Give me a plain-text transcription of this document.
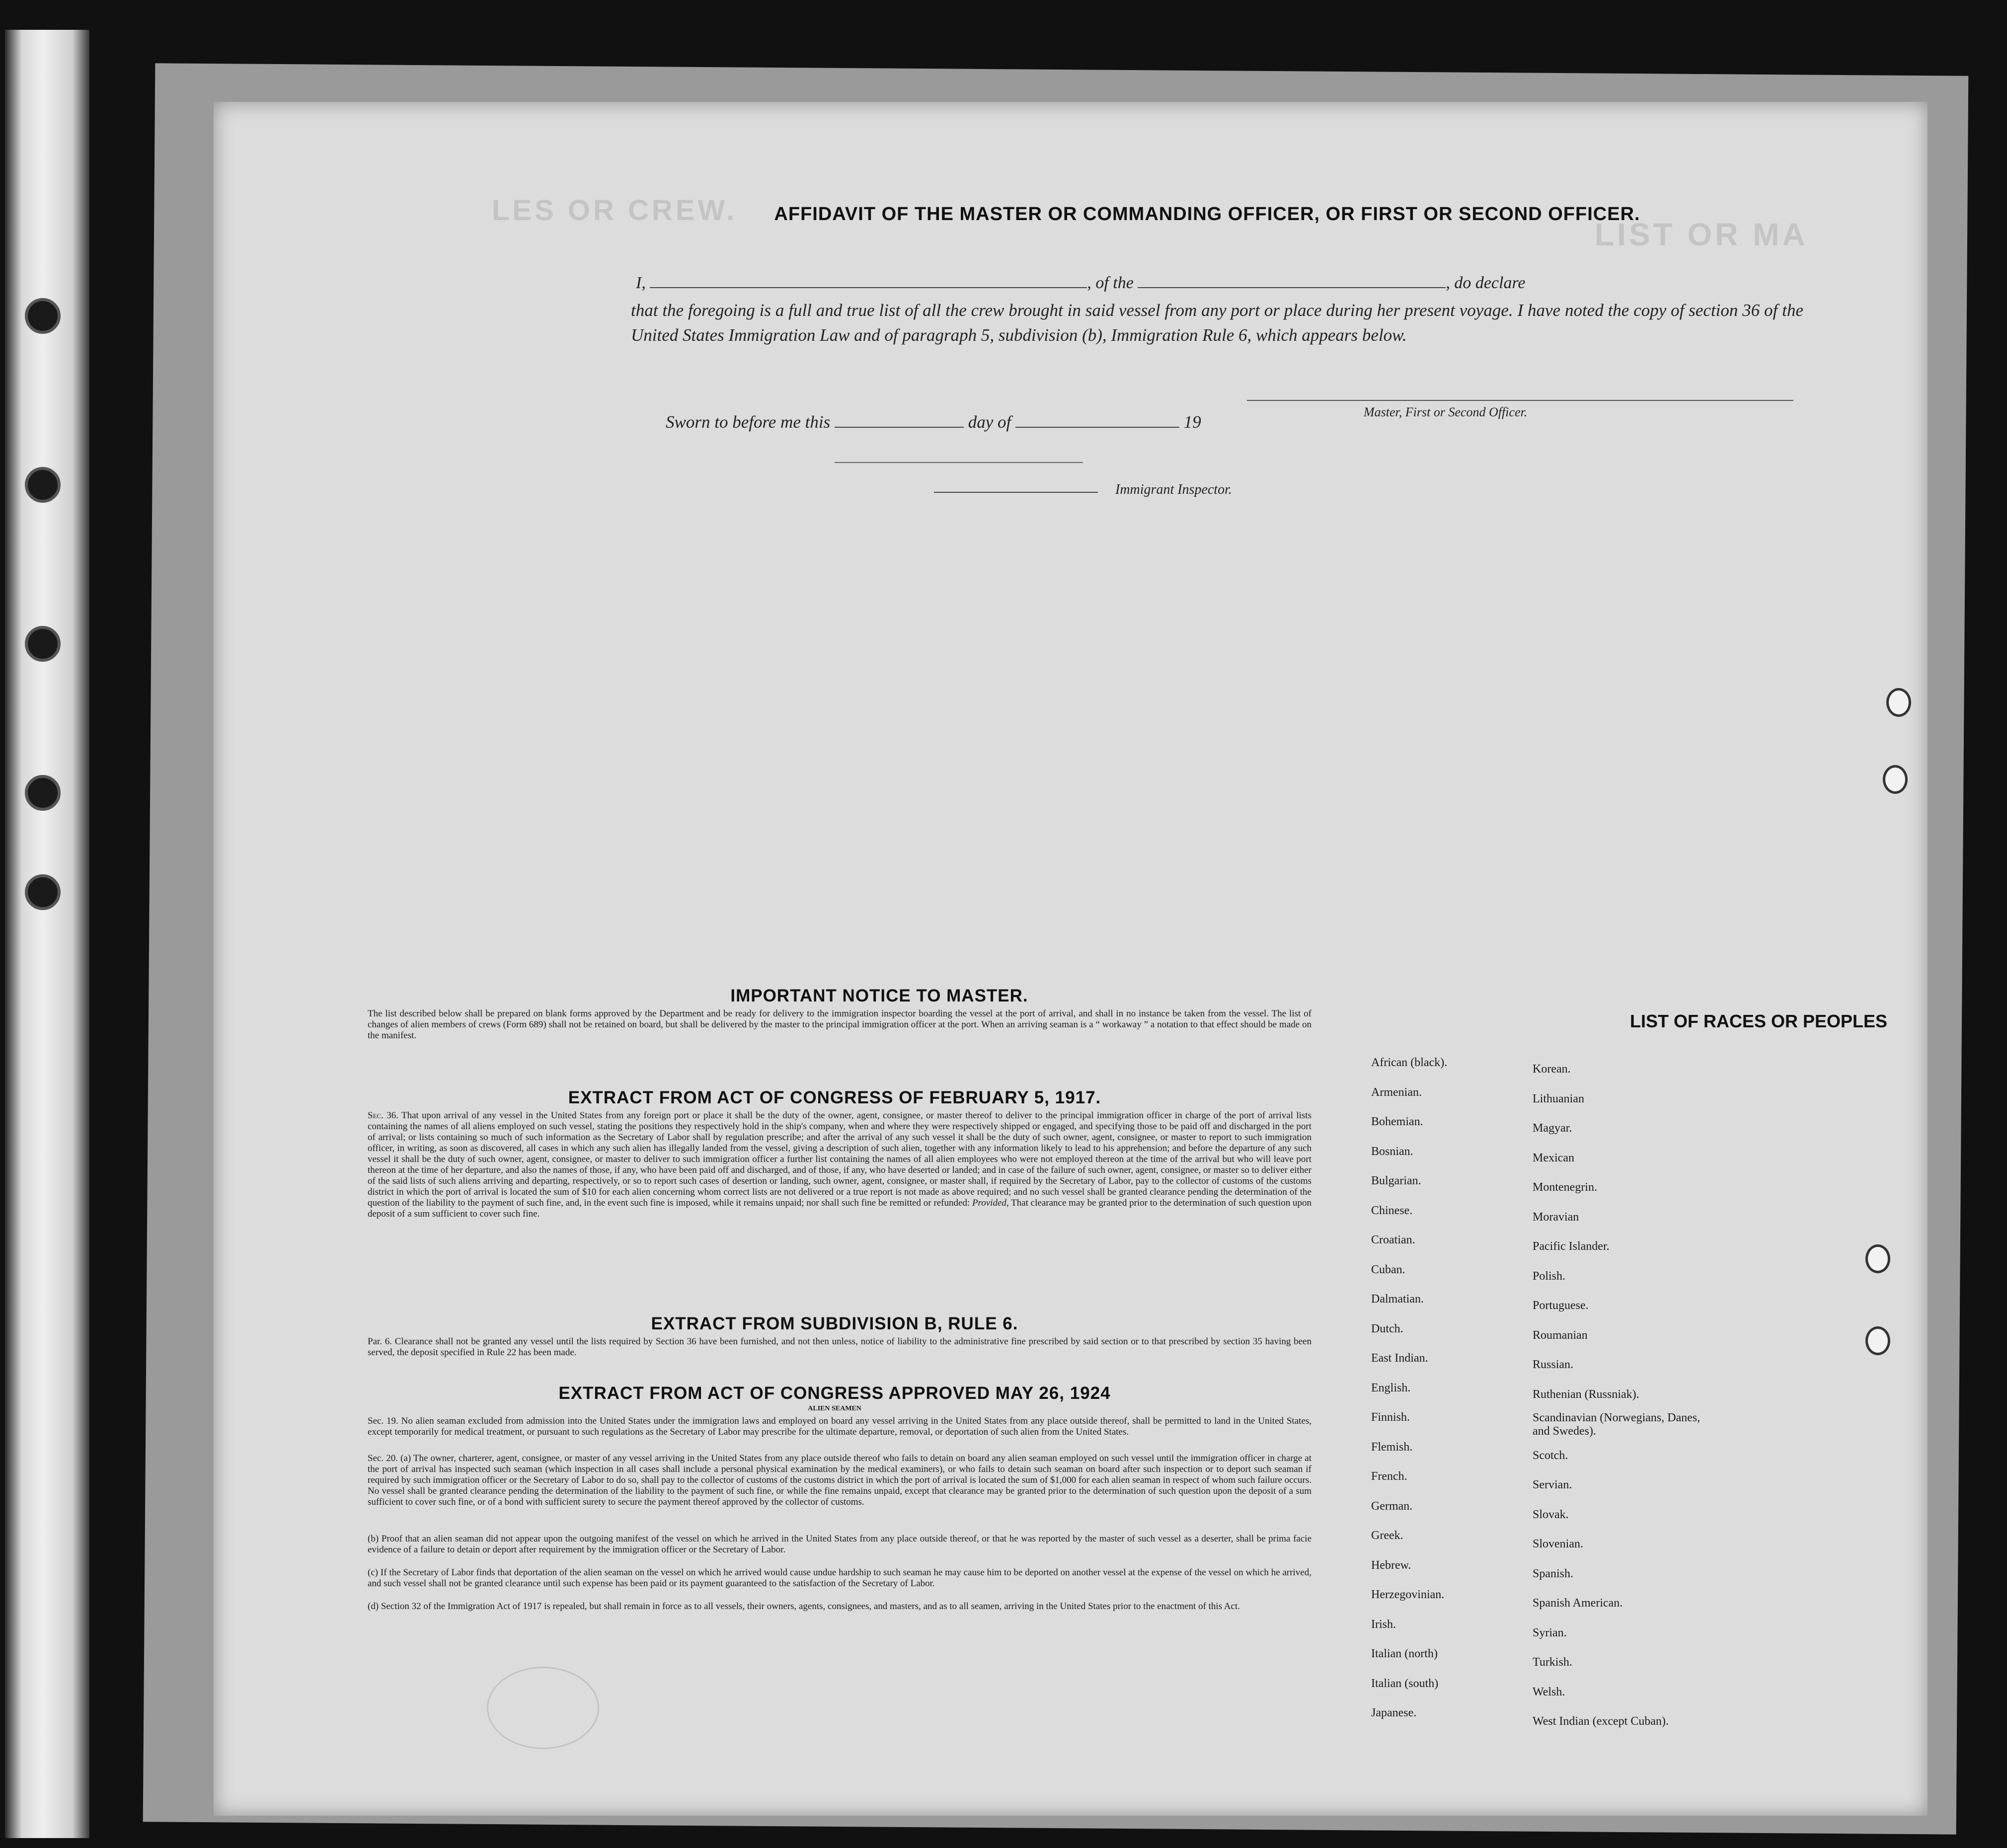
LIST OR MA
LES OR CREW.	AFFIDAVIT OF THE MASTER OR COMMANDING OFFICER, OR FIRST OR SECOND OFFICER.
I,	, of the	, do declare
that the foregoing is a full and true list of all the crew brought in said vessel from any port or place during her present voyage. I have noted the copy of section 36 of the United States Immigration Law and of paragraph 5, subdivision (b), Immigration Rule 6, which appears below.
Master, First or Second Officer.
Sworn to before me this	day of	19
Immigrant Inspector.
IMPORTANT NOTICE TO MASTER.
The list described below shall be prepared on blank forms approved by the Department and be ready for delivery to the immigration inspector boarding the vessel at the port of arrival, and shall in no instance be taken from the vessel. The list of changes of alien members of crews (Form 689) shall not be retained on board, but shall be delivered by the master to the principal immigration officer at the port. When an arriving seaman is a “ workaway ” a notation to that effect should be made on the manifest.
EXTRACT FROM ACT OF CONGRESS OF FEBRUARY 5, 1917.
Sec. 36. That upon arrival of any vessel in the United States from any foreign port or place it shall be the duty of the owner, agent, consignee, or master thereof to deliver to the principal immigration officer in charge of the port of arrival lists containing the names of all aliens employed on such vessel, stating the positions they respectively hold in the ship's company, when and where they were respectively shipped or engaged, and specifying those to be paid off and discharged in the port of arrival; or lists containing so much of such information as the Secretary of Labor shall by regulation prescribe; and after the arrival of any such vessel it shall be the duty of such owner, agent, consignee, or master to report to such immigration officer, in writing, as soon as discovered, all cases in which any such alien has illegally landed from the vessel, giving a description of such alien, together with any information likely to lead to his apprehension; and before the departure of any such vessel it shall be the duty of such owner, agent, consignee, or master to deliver to such immigration officer a further list containing the names of all alien employees who were not employed thereon at the time of the arrival but who will leave port thereon at the time of her departure, and also the names of those, if any, who have been paid off and discharged, and of those, if any, who have deserted or landed; and in case of the failure of such owner, agent, consignee, or master so to deliver either of the said lists of such aliens arriving and departing, respectively, or so to report such cases of desertion or landing, such owner, agent, consignee, or master shall, if required by the Secretary of Labor, pay to the collector of customs of the customs district in which the port of arrival is located the sum of $10 for each alien concerning whom correct lists are not delivered or a true report is not made as above required; and no such vessel shall be granted clearance pending the determination of the question of the liability to the payment of such fine, and, in the event such fine is imposed, while it remains unpaid; nor shall such fine be remitted or refunded: Provided, That clearance may be granted prior to the determination of such question upon deposit of a sum sufficient to cover such fine.
EXTRACT FROM SUBDIVISION B, RULE 6.
Par. 6. Clearance shall not be granted any vessel until the lists required by Section 36 have been furnished, and not then unless, notice of liability to the administrative fine prescribed by said section or to that prescribed by section 35 having been served, the deposit specified in Rule 22 has been made.
EXTRACT FROM ACT OF CONGRESS APPROVED MAY 26, 1924
ALIEN SEAMEN
Sec. 19. No alien seaman excluded from admission into the United States under the immigration laws and employed on board any vessel arriving in the United States from any place outside thereof, shall be permitted to land in the United States, except temporarily for medical treatment, or pursuant to such regulations as the Secretary of Labor may prescribe for the ultimate departure, removal, or deportation of such alien from the United States.
Sec. 20. (a) The owner, charterer, agent, consignee, or master of any vessel arriving in the United States from any place outside thereof who fails to detain on board any alien seaman employed on such vessel until the immigration officer in charge at the port of arrival has inspected such seaman (which inspection in all cases shall include a personal physical examination by the medical examiners), or who fails to detain such seaman on board after such inspection or to deport such seaman if required by such immigration officer or the Secretary of Labor to do so, shall pay to the collector of customs of the customs district in which the port of arrival is located the sum of $1,000 for each alien seaman in respect of whom such failure occurs. No vessel shall be granted clearance pending the determination of the liability to the payment of such fine, or while the fine remains unpaid, except that clearance may be granted prior to the determination of such question upon the deposit of a sum sufficient to cover such fine, or of a bond with sufficient surety to secure the payment thereof approved by the collector of customs.
(b) Proof that an alien seaman did not appear upon the outgoing manifest of the vessel on which he arrived in the United States from any place outside thereof, or that he was reported by the master of such vessel as a deserter, shall be prima facie evidence of a failure to detain or deport after requirement by the immigration officer or the Secretary of Labor.
(c) If the Secretary of Labor finds that deportation of the alien seaman on the vessel on which he arrived would cause undue hardship to such seaman he may cause him to be deported on another vessel at the expense of the vessel on which he arrived, and such vessel shall not be granted clearance until such expense has been paid or its payment guaranteed to the satisfaction of the Secretary of Labor.
(d) Section 32 of the Immigration Act of 1917 is repealed, but shall remain in force as to all vessels, their owners, agents, consignees, and masters, and as to all seamen, arriving in the United States prior to the enactment of this Act.
LIST OF RACES OR PEOPLES
African (black).
Armenian.
Bohemian.
Bosnian.
Bulgarian.
Chinese.
Croatian.
Cuban.
Dalmatian.
Dutch.
East Indian.
English.
Finnish.
Flemish.
French.
German.
Greek.
Hebrew.
Herzegovinian.
Irish.
Italian (north)
Italian (south)
Japanese.
Korean.
Lithuanian
Magyar.
Mexican
Montenegrin.
Moravian
Pacific Islander.
Polish.
Portuguese.
Roumanian
Russian.
Ruthenian (Russniak).
Scandinavian (Norwegians, Danes, and Swedes).
Scotch.
Servian.
Slovak.
Slovenian.
Spanish.
Spanish American.
Syrian.
Turkish.
Welsh.
West Indian (except Cuban).
